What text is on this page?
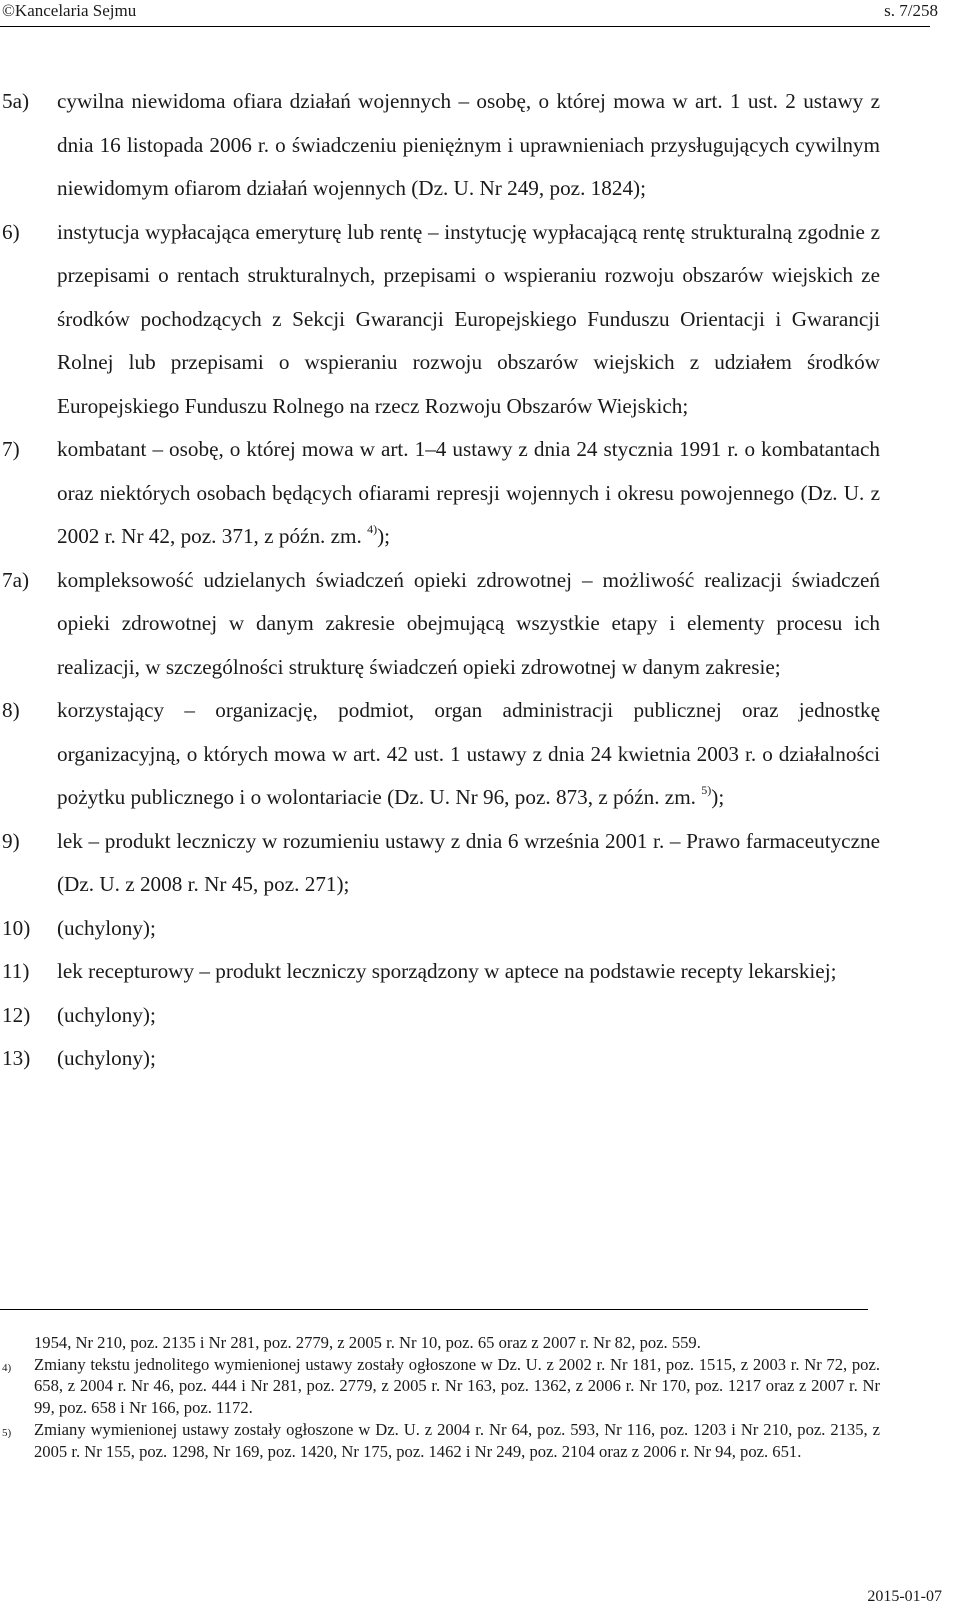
©Kancelaria Sejmu	s. 7/258
5a) cywilna niewidoma ofiara działań wojennych – osobę, o której mowa w art. 1 ust. 2 ustawy z dnia 16 listopada 2006 r. o świadczeniu pieniężnym i uprawnieniach przysługujących cywilnym niewidomym ofiarom działań wojennych (Dz. U. Nr 249, poz. 1824);
6) instytucja wypłacająca emeryturę lub rentę – instytucję wypłacającą rentę strukturalną zgodnie z przepisami o rentach strukturalnych, przepisami o wspieraniu rozwoju obszarów wiejskich ze środków pochodzących z Sekcji Gwarancji Europejskiego Funduszu Orientacji i Gwarancji Rolnej lub przepisami o wspieraniu rozwoju obszarów wiejskich z udziałem środków Europejskiego Funduszu Rolnego na rzecz Rozwoju Obszarów Wiejskich;
7) kombatant – osobę, o której mowa w art. 1–4 ustawy z dnia 24 stycznia 1991 r. o kombatantach oraz niektórych osobach będących ofiarami represji wojennych i okresu powojennego (Dz. U. z 2002 r. Nr 42, poz. 371, z późn. zm. $^{4)}$);
7a) kompleksowość udzielanych świadczeń opieki zdrowotnej – możliwość realizacji świadczeń opieki zdrowotnej w danym zakresie obejmującą wszystkie etapy i elementy procesu ich realizacji, w szczególności strukturę świadczeń opieki zdrowotnej w danym zakresie;
8) korzystający – organizację, podmiot, organ administracji publicznej oraz jednostkę organizacyjną, o których mowa w art. 42 ust. 1 ustawy z dnia 24 kwietnia 2003 r. o działalności pożytku publicznego i o wolontariacie (Dz. U. Nr 96, poz. 873, z późn. zm. $^{5)}$);
9) lek – produkt leczniczy w rozumieniu ustawy z dnia 6 września 2001 r. – Prawo farmaceutyczne (Dz. U. z 2008 r. Nr 45, poz. 271);
10) (uchylony);
11) lek recepturowy – produkt leczniczy sporządzony w aptece na podstawie recepty lekarskiej;
12) (uchylony);
13) (uchylony);
1954, Nr 210, poz. 2135 i Nr 281, poz. 2779, z 2005 r. Nr 10, poz. 65 oraz z 2007 r. Nr 82, poz. 559.
4) Zmiany tekstu jednolitego wymienionej ustawy zostały ogłoszone w Dz. U. z 2002 r. Nr 181, poz. 1515, z 2003 r. Nr 72, poz. 658, z 2004 r. Nr 46, poz. 444 i Nr 281, poz. 2779, z 2005 r. Nr 163, poz. 1362, z 2006 r. Nr 170, poz. 1217 oraz z 2007 r. Nr 99, poz. 658 i Nr 166, poz. 1172.
5) Zmiany wymienionej ustawy zostały ogłoszone w Dz. U. z 2004 r. Nr 64, poz. 593, Nr 116, poz. 1203 i Nr 210, poz. 2135, z 2005 r. Nr 155, poz. 1298, Nr 169, poz. 1420, Nr 175, poz. 1462 i Nr 249, poz. 2104 oraz z 2006 r. Nr 94, poz. 651.
2015-01-07
